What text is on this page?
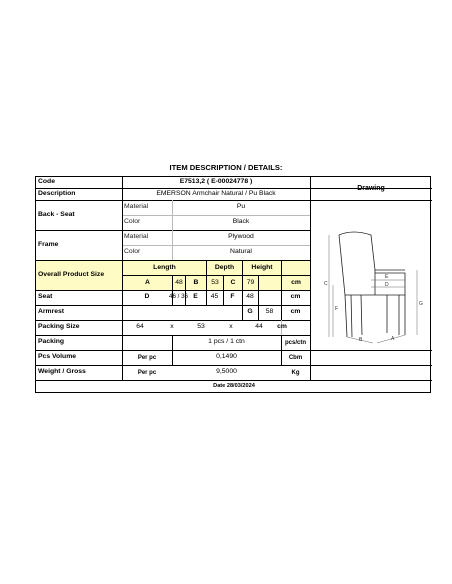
ITEM DESCRIPTION / DETAILS:
Code	E7513,2 ( E-00024778 )
Description	EMERSON Armchair Natural / Pu Black
Drawing
Back - Seat
Material	Pu
Color	Black
Frame
Material	Plywood
Color	Natural
Overall Product Size
Length	Depth	Height
A	48	B	53	C	79	cm
Seat	D	46 / 36 E	45	F	48	cm
Armrest	G	58	cm
Packing Size	64	x	53	x	44	cm
Packing	1 pcs / 1 ctn	pcs/ctn
Pcs Volume	Per pc	0,1490	Cbm
Weight / Gross	Per pc	9,5000	Kg
Date 28/03/2024
C
F
E
D
G
B	A
